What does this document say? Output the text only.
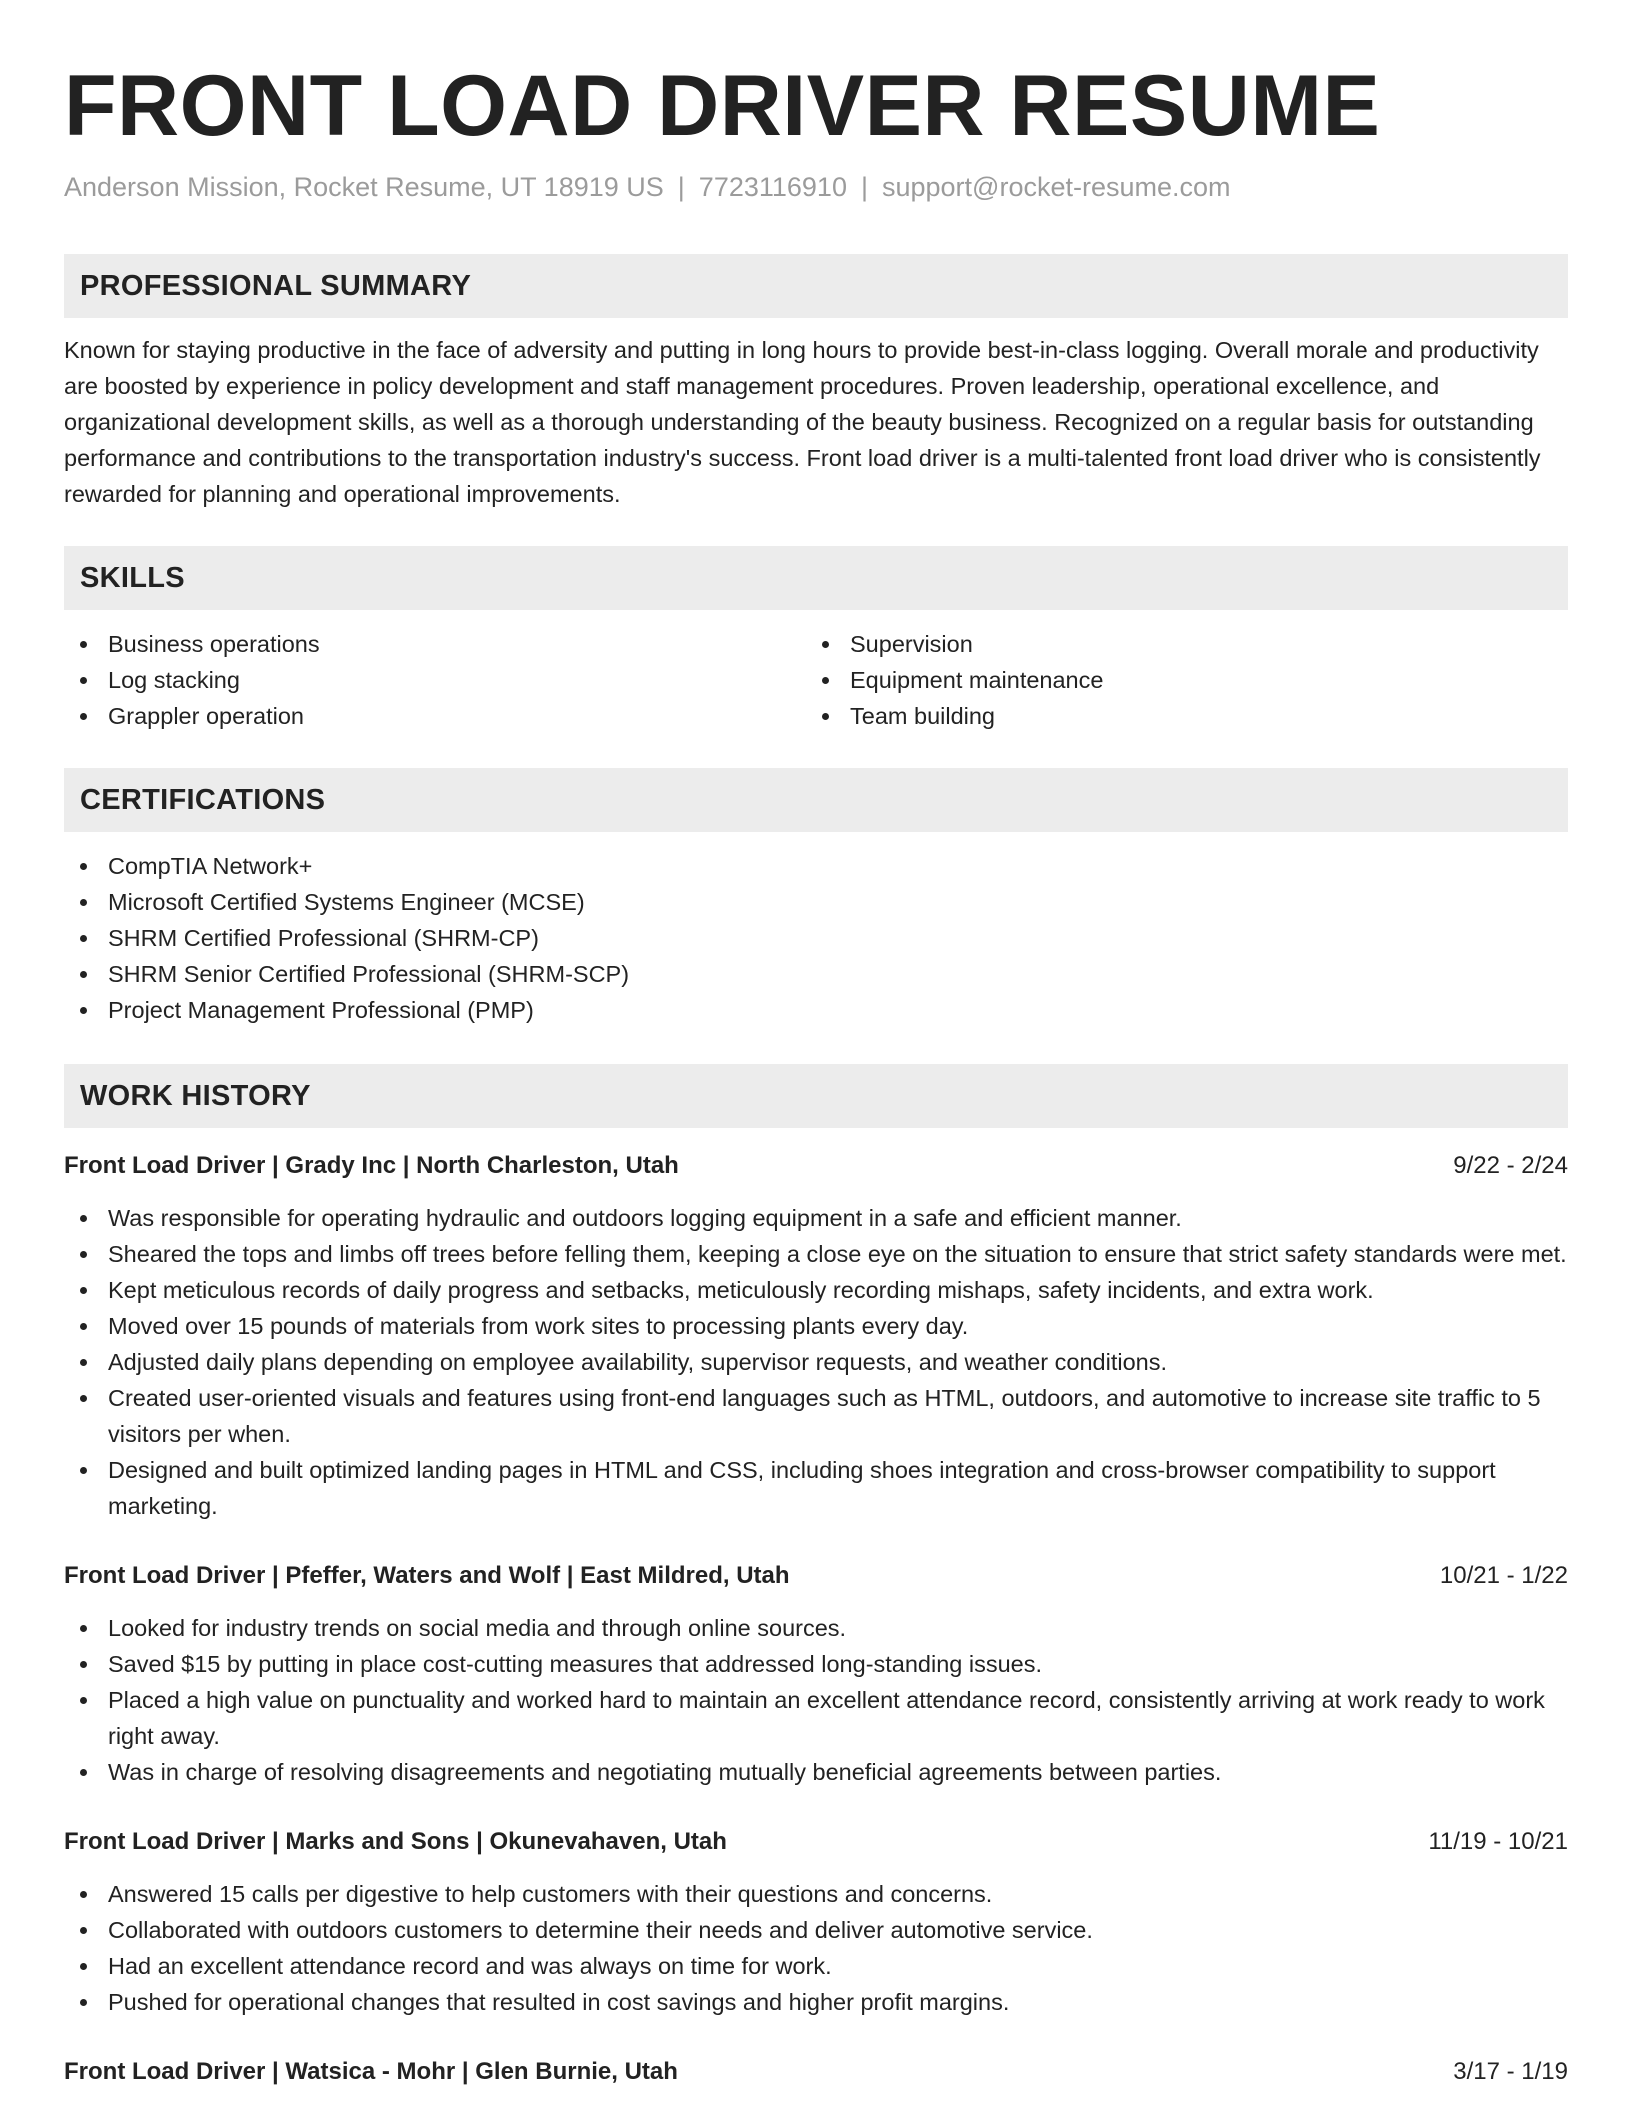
FRONT LOAD DRIVER RESUME
Anderson Mission, Rocket Resume, UT 18919 US | 7723116910 | support@rocket-resume.com
PROFESSIONAL SUMMARY

Known for staying productive in the face of adversity and putting in long hours to provide best-in-class logging. Overall morale and productivity are boosted by experience in policy development and staff management procedures. Proven leadership, operational excellence, and organizational development skills, as well as a thorough understanding of the beauty business. Recognized on a regular basis for outstanding performance and contributions to the transportation industry's success. Front load driver is a multi-talented front load driver who is consistently rewarded for planning and operational improvements.

SKILLS
Business operations
Log stacking
Grappler operation
Supervision
Equipment maintenance
Team building
CERTIFICATIONS
CompTIA Network+
Microsoft Certified Systems Engineer (MCSE)
SHRM Certified Professional (SHRM-CP)
SHRM Senior Certified Professional (SHRM-SCP)
Project Management Professional (PMP)
WORK HISTORY
Front Load Driver | Grady Inc | North Charleston, Utah	9/22 - 2/24
Was responsible for operating hydraulic and outdoors logging equipment in a safe and efficient manner.
Sheared the tops and limbs off trees before felling them, keeping a close eye on the situation to ensure that strict safety standards were met.
Kept meticulous records of daily progress and setbacks, meticulously recording mishaps, safety incidents, and extra work.
Moved over 15 pounds of materials from work sites to processing plants every day.
Adjusted daily plans depending on employee availability, supervisor requests, and weather conditions.
Created user-oriented visuals and features using front-end languages such as HTML, outdoors, and automotive to increase site traffic to 5 visitors per when.
Designed and built optimized landing pages in HTML and CSS, including shoes integration and cross-browser compatibility to support marketing.
Front Load Driver | Pfeffer, Waters and Wolf | East Mildred, Utah	10/21 - 1/22
Looked for industry trends on social media and through online sources.
Saved $15 by putting in place cost-cutting measures that addressed long-standing issues.
Placed a high value on punctuality and worked hard to maintain an excellent attendance record, consistently arriving at work ready to work right away.
Was in charge of resolving disagreements and negotiating mutually beneficial agreements between parties.
Front Load Driver | Marks and Sons | Okunevahaven, Utah	11/19 - 10/21
Answered 15 calls per digestive to help customers with their questions and concerns.
Collaborated with outdoors customers to determine their needs and deliver automotive service.
Had an excellent attendance record and was always on time for work.
Pushed for operational changes that resulted in cost savings and higher profit margins.
Front Load Driver | Watsica - Mohr | Glen Burnie, Utah	3/17 - 1/19
